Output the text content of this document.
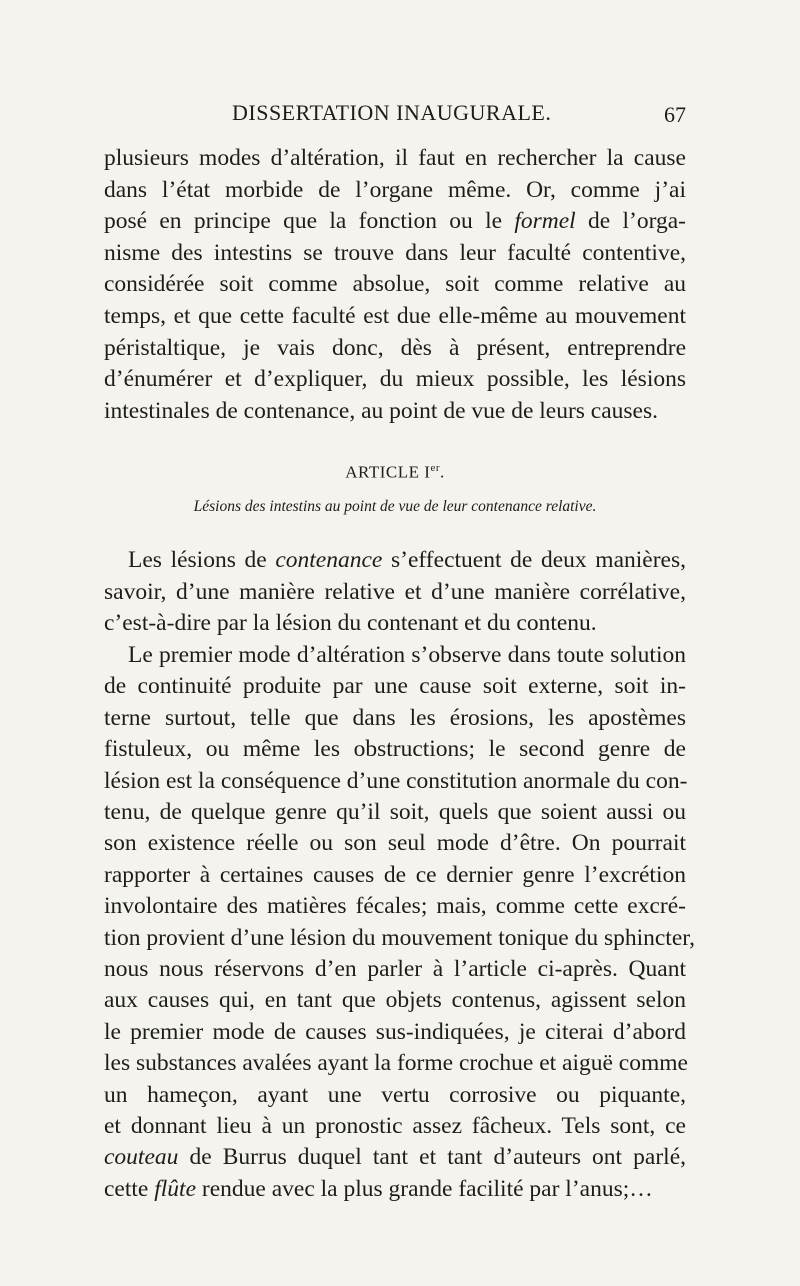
DISSERTATION INAUGURALE.	67
plusieurs modes d’altération, il faut en rechercher la cause
dans l’état morbide de l’organe même. Or, comme j’ai
posé en principe que la fonction ou le formel de l’orga-
nisme des intestins se trouve dans leur faculté contentive,
considérée soit comme absolue, soit comme relative au
temps, et que cette faculté est due elle-même au mouvement
péristaltique, je vais donc, dès à présent, entreprendre
d’énumérer et d’expliquer, du mieux possible, les lésions
intestinales de contenance, au point de vue de leurs causes.
ARTICLE Ier.
Lésions des intestins au point de vue de leur contenance relative.
Les lésions de contenance s’effectuent de deux manières,
savoir, d’une manière relative et d’une manière corrélative,
c’est-à-dire par la lésion du contenant et du contenu.
Le premier mode d’altération s’observe dans toute solution
de continuité produite par une cause soit externe, soit in-
terne surtout, telle que dans les érosions, les apostèmes
fistuleux, ou même les obstructions; le second genre de
lésion est la conséquence d’une constitution anormale du con-
tenu, de quelque genre qu’il soit, quels que soient aussi ou
son existence réelle ou son seul mode d’être. On pourrait
rapporter à certaines causes de ce dernier genre l’excrétion
involontaire des matières fécales; mais, comme cette excré-
tion provient d’une lésion du mouvement tonique du sphincter,
nous nous réservons d’en parler à l’article ci-après. Quant
aux causes qui, en tant que objets contenus, agissent selon
le premier mode de causes sus-indiquées, je citerai d’abord
les substances avalées ayant la forme crochue et aiguë comme
un hameçon, ayant une vertu corrosive ou piquante,
et donnant lieu à un pronostic assez fâcheux. Tels sont, ce
couteau de Burrus duquel tant et tant d’auteurs ont parlé,
cette flûte rendue avec la plus grande facilité par l’anus;…
